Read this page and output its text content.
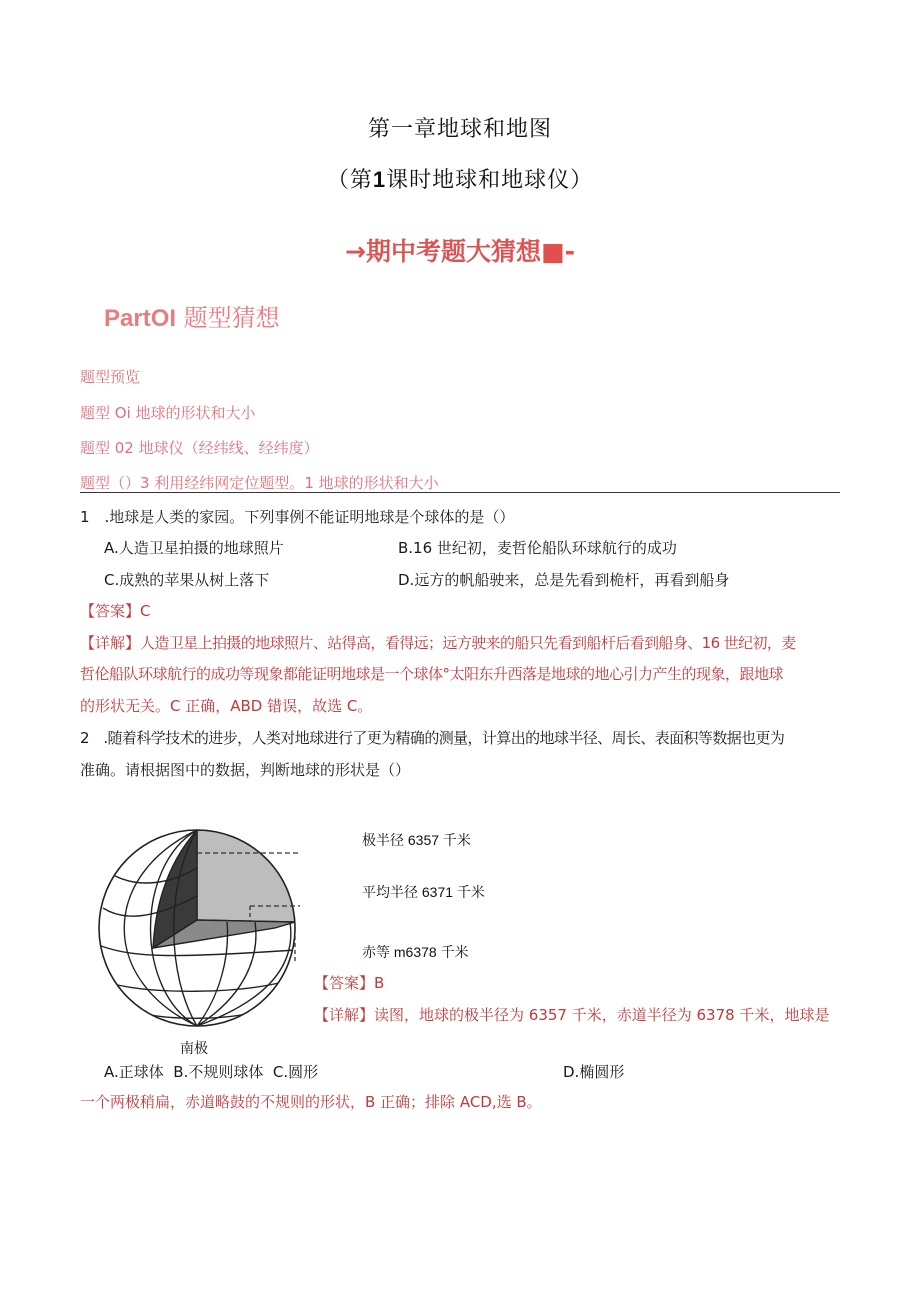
第一章地球和地图
（第1课时地球和地球仪）
→期中考题大猜想■-
PartOI 题型猜想
题型预览
题型 Oi 地球的形状和大小
题型 02 地球仪（经纬线、经纬度）
题型（）3 利用经纬网定位题型。1 地球的形状和大小
1　.地球是人类的家园。下列事例不能证明地球是个球体的是（）
A.人造卫星拍摄的地球照片	B.16 世纪初，麦哲伦船队环球航行的成功
C.成熟的苹果从树上落下	D.远方的帆船驶来，总是先看到桅杆，再看到船身
【答案】C
【详解】人造卫星上拍摄的地球照片、站得高，看得远；远方驶来的船只先看到船杆后看到船身、16 世纪初，麦
哲伦船队环球航行的成功等现象都能证明地球是一个球体°太阳东升西落是地球的地心引力产生的现象，跟地球
的形状无关。C 正确，ABD 错误，故选 C。
2　.随着科学技术的进步，人类对地球进行了更为精确的测量，计算出的地球半径、周长、表面积等数据也更为
准确。请根据图中的数据，判断地球的形状是（）
极半径 6357 千米
平均半径 6371 千米
赤等 m6378 千米
南极
【答案】B
【详解】读图，地球的极半径为 6357 千米，赤道半径为 6378 千米，地球是
A.正球体  B.不规则球体  C.圆形	D.椭圆形
一个两极稍扁，赤道略鼓的不规则的形状，B 正确；排除 ACD,选 B。
